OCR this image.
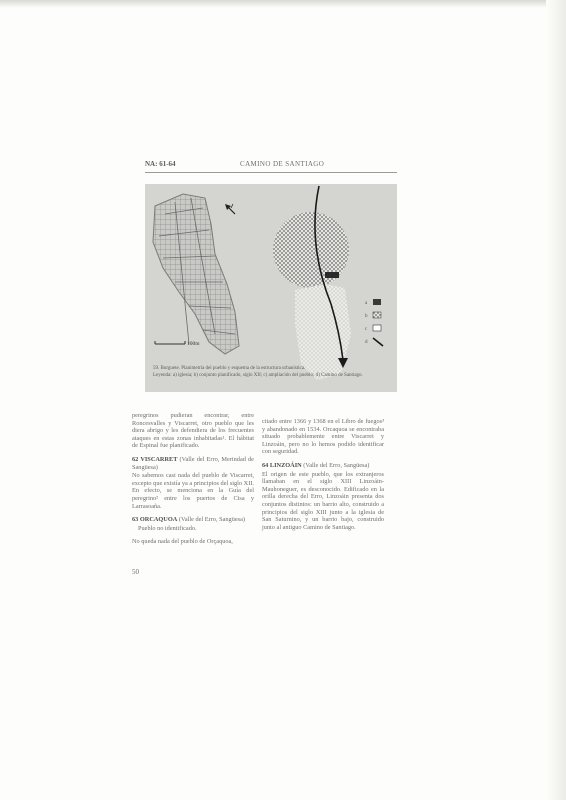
NA: 61-64	CAMINO DE SANTIAGO
100m
a
b
c
d
59. Burguete. Planimetría del pueblo y esquema de la estructura urbanística.
Leyenda: a) iglesia; b) conjunto planificado, siglo XII; c) ampliación del pueblo; d) Camino de Santiago.

peregrinos pudieran encontrar, entre Roncesvalles y Viscarret, otro pueblo que les diera abrigo y les defendiera de los frecuentes ataques en estas zonas inhabitadas¹. El hábitat de Espinal fue planificado.

62 VISCARRET (Valle del Erro, Merindad de Sangüesa)

No sabemos casi nada del pueblo de Viscarret, excepto que existía ya a principios del siglo XII. En efecto, se menciona en la Guía del peregrino² entre los puertos de Cisa y Larrasoaña.

63 ORCAQUOA (Valle del Erro, Sangüesa)

Pueblo no identificado.

No queda nada del pueblo de Orçaquoa,

citado entre 1366 y 1368 en el Libro de fuegos³ y abandonado en 1534. Orcaquoa se encontraba situado probablemente entre Viscarret y Linzoáin, pero no lo hemos podido identificar con seguridad.

64 LINZOÁIN (Valle del Erro, Sangüesa)

El origen de este pueblo, que los extranjeros llamaban en el siglo XIII Linzoáin-Mauhoneguer, es desconocido. Edificado en la orilla derecha del Erro, Linzoáin presenta dos conjuntos distintos: un barrio alto, construido a principios del siglo XIII junto a la iglesia de San Saturnino, y un barrio bajo, construido junto al antiguo Camino de Santiago.

50
